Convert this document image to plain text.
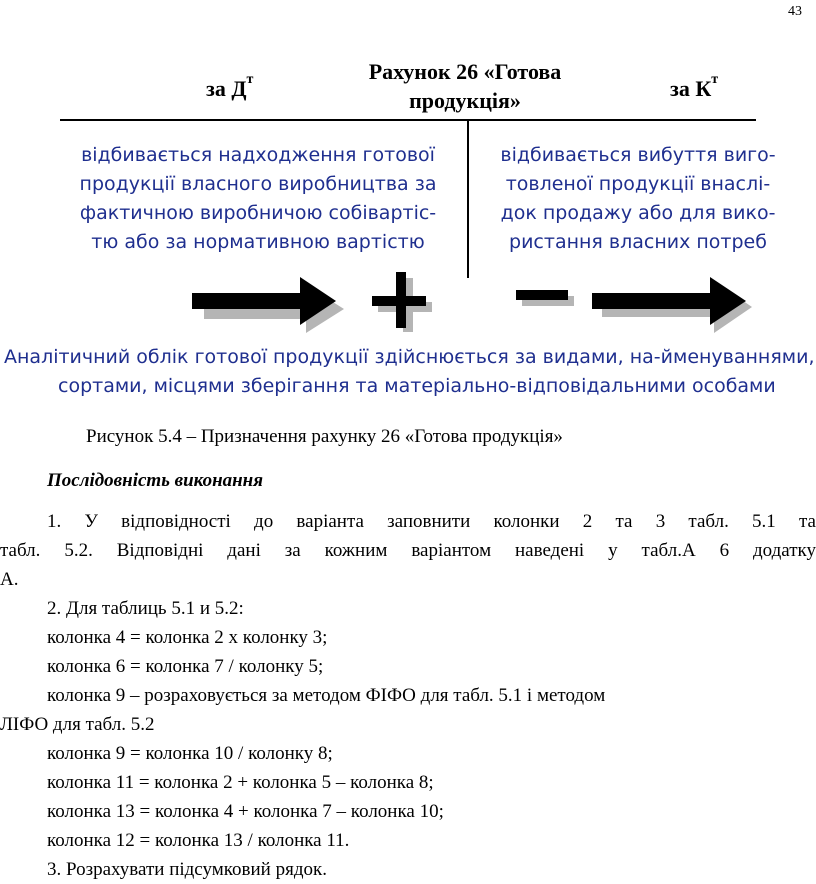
43
Рахунок 26 «Готова
продукція»
за $Д^т$	за $К^т$
відбивається надходження готової
продукції власного виробництва за
фактичною виробничою собівартіс-
тю або за нормативною вартістю
відбивається вибуття виго-
товленої продукції внаслі-
док продажу або для вико-
ристання власних потреб
Аналітичний облік готової продукції здійснюється за видами, на-йменуваннями,
сортами, місцями зберігання та матеріально-відповідальними особами
Рисунок 5.4 – Призначення рахунку 26 «Готова продукція»
Послідовність виконання
1. У відповідності до варіанта заповнити колонки 2 та 3 табл. 5.1 та
табл. 5.2. Відповідні дані за кожним варіантом наведені у табл.А 6 додатку
А.
2. Для таблиць 5.1 и 5.2:
колонка 4 = колонка 2 х колонку 3;
колонка 6 = колонка 7 / колонку 5;
колонка 9 – розраховується за методом ФІФО для табл. 5.1 і методом
ЛІФО для табл. 5.2
колонка 9 = колонка 10 / колонку 8;
колонка 11 = колонка 2 + колонка 5 – колонка 8;
колонка 13 = колонка 4 + колонка 7 – колонка 10;
колонка 12 = колонка 13 / колонка 11.
3. Розрахувати підсумковий рядок.
